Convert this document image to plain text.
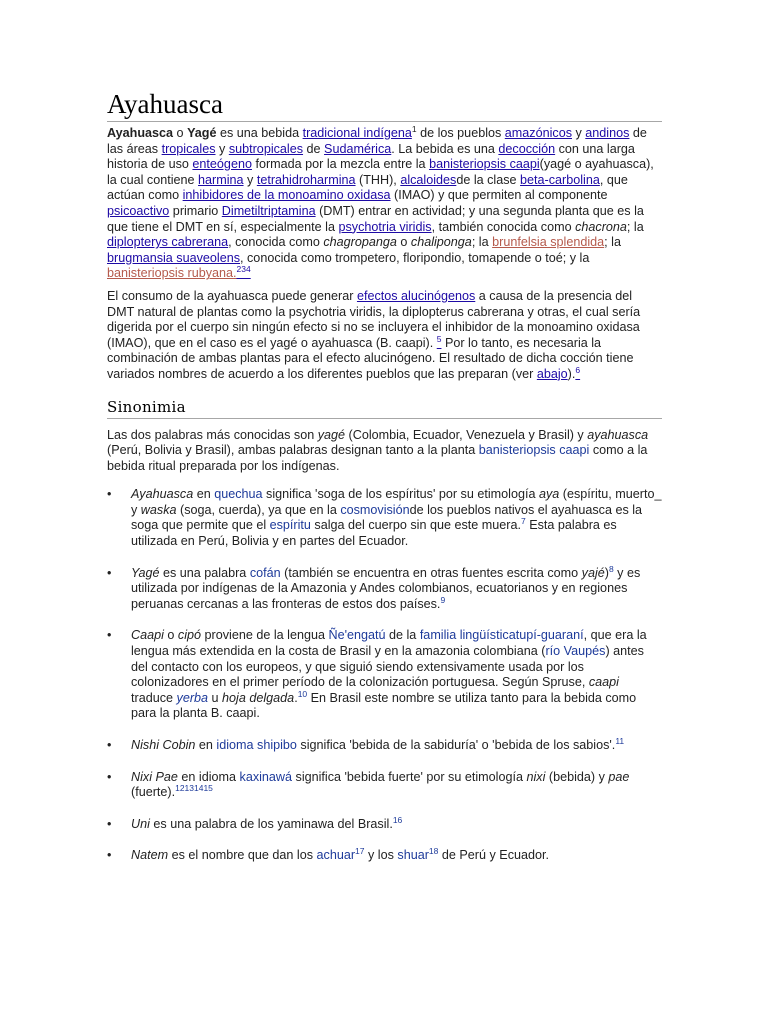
Ayahuasca

Ayahuasca o Yagé es una bebida tradicional indígena$^1$ de los pueblos amazónicos y andinos de las áreas tropicales y subtropicales de Sudamérica. La bebida es una decocción con una larga historia de uso enteógeno formada por la mezcla entre la banisteriopsis caapi(yagé o ayahuasca), la cual contiene harmina y tetrahidroharmina (THH), alcaloidesde la clase beta-carbolina, que actúan como inhibidores de la monoamino oxidasa (IMAO) y que permiten al componente psicoactivo primario Dimetiltriptamina (DMT) entrar en actividad; y una segunda planta que es la que tiene el DMT en sí, especialmente la psychotria viridis, también conocida como chacrona; la diplopterys cabrerana, conocida como chagropanga o chaliponga; la brunfelsia splendida; la brugmansia suaveolens, conocida como trompetero, floripondio, tomapende o toé; y la banisteriopsis rubyana.$^{234}$

El consumo de la ayahuasca puede generar efectos alucinógenos a causa de la presencia del DMT natural de plantas como la psychotria viridis, la diplopterus cabrerana y otras, el cual sería digerida por el cuerpo sin ningún efecto si no se incluyera el inhibidor de la monoamino oxidasa (IMAO), que en el caso es el yagé o ayahuasca (B. caapi). $^5$ Por lo tanto, es necesaria la combinación de ambas plantas para el efecto alucinógeno. El resultado de dicha cocción tiene variados nombres de acuerdo a los diferentes pueblos que las preparan (ver abajo).$^6$

Sinonimia

Las dos palabras más conocidas son yagé (Colombia, Ecuador, Venezuela y Brasil) y ayahuasca (Perú, Bolivia y Brasil), ambas palabras designan tanto a la planta banisteriopsis caapi como a la bebida ritual preparada por los indígenas.

• Ayahuasca en quechua significa 'soga de los espíritus' por su etimología aya (espíritu, muerto_ y waska (soga, cuerda), ya que en la cosmovisiónde los pueblos nativos el ayahuasca es la soga que permite que el espíritu salga del cuerpo sin que este muera.$^7$ Esta palabra es utilizada en Perú, Bolivia y en partes del Ecuador.
• Yagé es una palabra cofán (también se encuentra en otras fuentes escrita como yajé)$^8$ y es utilizada por indígenas de la Amazonia y Andes colombianos, ecuatorianos y en regiones peruanas cercanas a las fronteras de estos dos países.$^9$
• Caapi o cipó proviene de la lengua Ñe'engatú de la familia lingüísticatupí-guaraní, que era la lengua más extendida en la costa de Brasil y en la amazonia colombiana (río Vaupés) antes del contacto con los europeos, y que siguió siendo extensivamente usada por los colonizadores en el primer período de la colonización portuguesa. Según Spruse, caapi traduce yerba u hoja delgada.$^{10}$ En Brasil este nombre se utiliza tanto para la bebida como para la planta B. caapi.
• Nishi Cobin en idioma shipibo significa 'bebida de la sabiduría' o 'bebida de los sabios'.$^{11}$
• Nixi Pae en idioma kaxinawá significa 'bebida fuerte' por su etimología nixi (bebida) y pae (fuerte).$^{12131415}$
• Uni es una palabra de los yaminawa del Brasil.$^{16}$
• Natem es el nombre que dan los achuar$^{17}$ y los shuar$^{18}$ de Perú y Ecuador.
